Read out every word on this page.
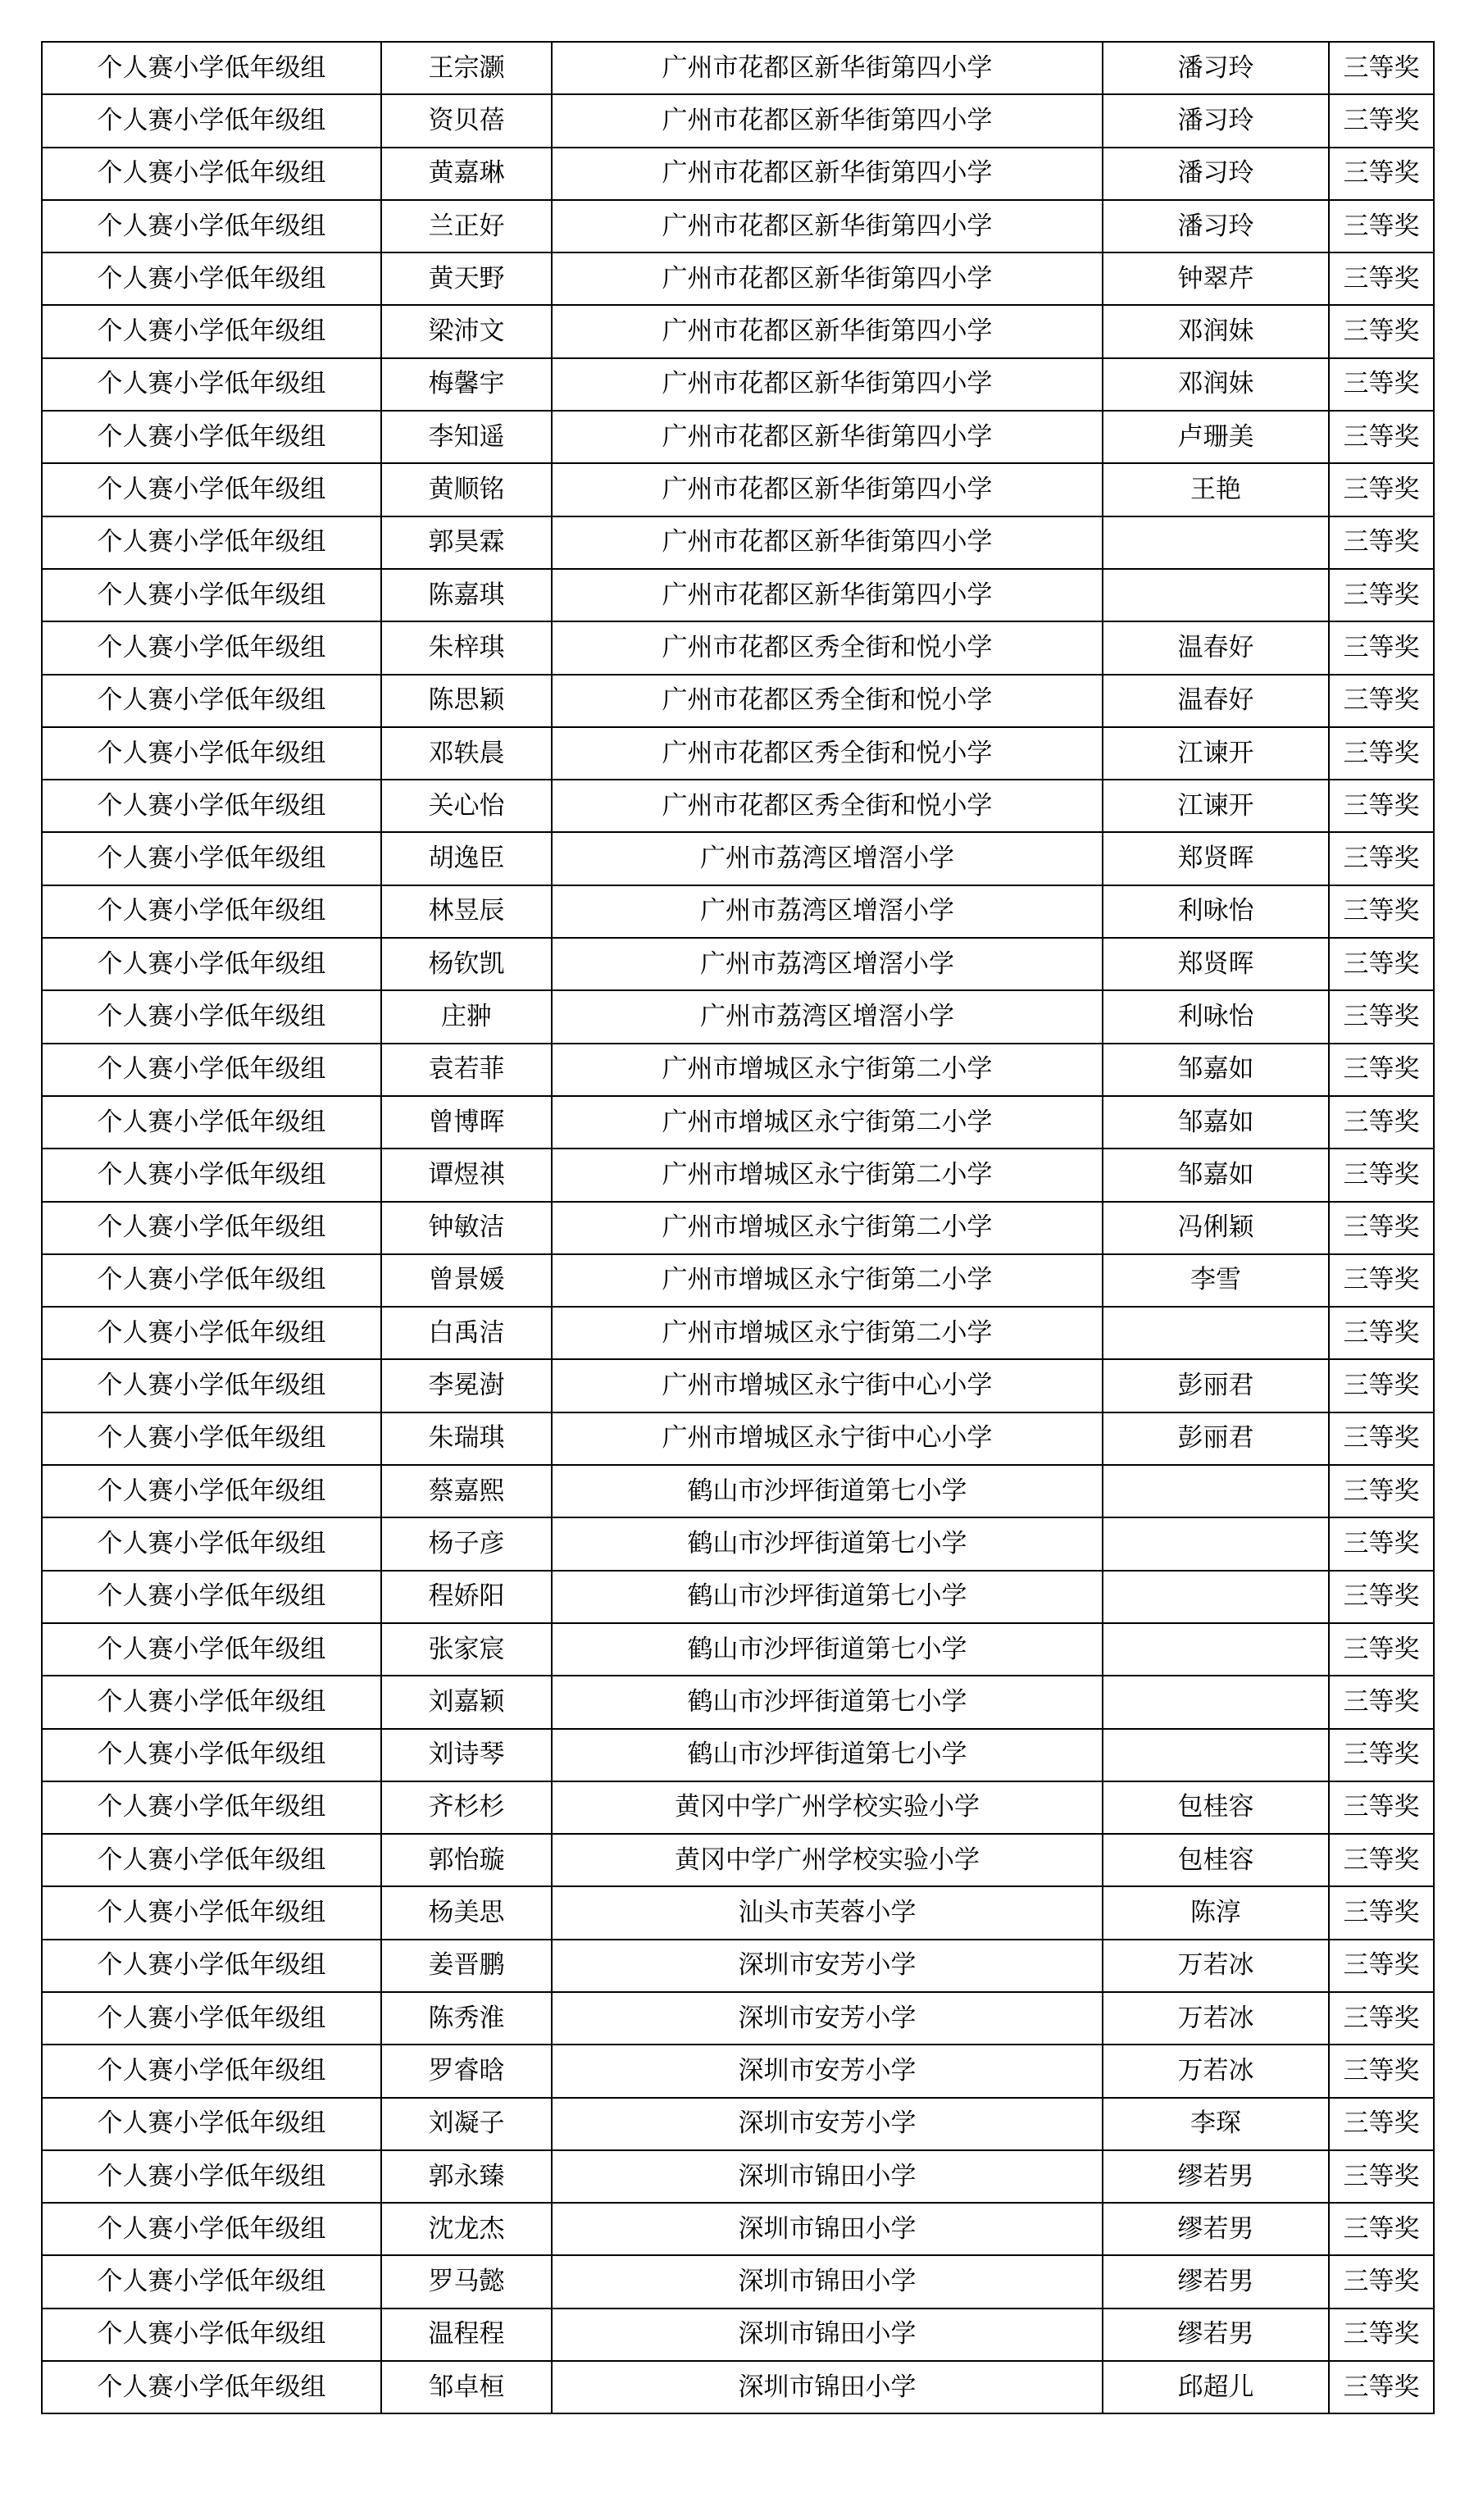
个人赛小学低年级组	王宗灏	广州市花都区新华街第四小学	潘习玲	三等奖
个人赛小学低年级组	资贝蓓	广州市花都区新华街第四小学	潘习玲	三等奖
个人赛小学低年级组	黄嘉琳	广州市花都区新华街第四小学	潘习玲	三等奖
个人赛小学低年级组	兰正好	广州市花都区新华街第四小学	潘习玲	三等奖
个人赛小学低年级组	黄天野	广州市花都区新华街第四小学	钟翠芹	三等奖
个人赛小学低年级组	梁沛文	广州市花都区新华街第四小学	邓润妹	三等奖
个人赛小学低年级组	梅馨宇	广州市花都区新华街第四小学	邓润妹	三等奖
个人赛小学低年级组	李知遥	广州市花都区新华街第四小学	卢珊美	三等奖
个人赛小学低年级组	黄顺铭	广州市花都区新华街第四小学	王艳	三等奖
个人赛小学低年级组	郭昊霖	广州市花都区新华街第四小学		三等奖
个人赛小学低年级组	陈嘉琪	广州市花都区新华街第四小学		三等奖
个人赛小学低年级组	朱梓琪	广州市花都区秀全街和悦小学	温春好	三等奖
个人赛小学低年级组	陈思颖	广州市花都区秀全街和悦小学	温春好	三等奖
个人赛小学低年级组	邓轶晨	广州市花都区秀全街和悦小学	江谏开	三等奖
个人赛小学低年级组	关心怡	广州市花都区秀全街和悦小学	江谏开	三等奖
个人赛小学低年级组	胡逸臣	广州市荔湾区增滘小学	郑贤晖	三等奖
个人赛小学低年级组	林昱辰	广州市荔湾区增滘小学	利咏怡	三等奖
个人赛小学低年级组	杨钦凯	广州市荔湾区增滘小学	郑贤晖	三等奖
个人赛小学低年级组	庄翀	广州市荔湾区增滘小学	利咏怡	三等奖
个人赛小学低年级组	袁若菲	广州市增城区永宁街第二小学	邹嘉如	三等奖
个人赛小学低年级组	曾博晖	广州市增城区永宁街第二小学	邹嘉如	三等奖
个人赛小学低年级组	谭煜祺	广州市增城区永宁街第二小学	邹嘉如	三等奖
个人赛小学低年级组	钟敏洁	广州市增城区永宁街第二小学	冯俐颖	三等奖
个人赛小学低年级组	曾景媛	广州市增城区永宁街第二小学	李雪	三等奖
个人赛小学低年级组	白禹洁	广州市增城区永宁街第二小学		三等奖
个人赛小学低年级组	李冕澍	广州市增城区永宁街中心小学	彭丽君	三等奖
个人赛小学低年级组	朱瑞琪	广州市增城区永宁街中心小学	彭丽君	三等奖
个人赛小学低年级组	蔡嘉熙	鹤山市沙坪街道第七小学		三等奖
个人赛小学低年级组	杨子彦	鹤山市沙坪街道第七小学		三等奖
个人赛小学低年级组	程娇阳	鹤山市沙坪街道第七小学		三等奖
个人赛小学低年级组	张家宸	鹤山市沙坪街道第七小学		三等奖
个人赛小学低年级组	刘嘉颖	鹤山市沙坪街道第七小学		三等奖
个人赛小学低年级组	刘诗琴	鹤山市沙坪街道第七小学		三等奖
个人赛小学低年级组	齐杉杉	黄冈中学广州学校实验小学	包桂容	三等奖
个人赛小学低年级组	郭怡璇	黄冈中学广州学校实验小学	包桂容	三等奖
个人赛小学低年级组	杨美思	汕头市芙蓉小学	陈淳	三等奖
个人赛小学低年级组	姜晋鹏	深圳市安芳小学	万若冰	三等奖
个人赛小学低年级组	陈秀淮	深圳市安芳小学	万若冰	三等奖
个人赛小学低年级组	罗睿晗	深圳市安芳小学	万若冰	三等奖
个人赛小学低年级组	刘凝子	深圳市安芳小学	李琛	三等奖
个人赛小学低年级组	郭永臻	深圳市锦田小学	缪若男	三等奖
个人赛小学低年级组	沈龙杰	深圳市锦田小学	缪若男	三等奖
个人赛小学低年级组	罗马懿	深圳市锦田小学	缪若男	三等奖
个人赛小学低年级组	温程程	深圳市锦田小学	缪若男	三等奖
个人赛小学低年级组	邹卓桓	深圳市锦田小学	邱超儿	三等奖
